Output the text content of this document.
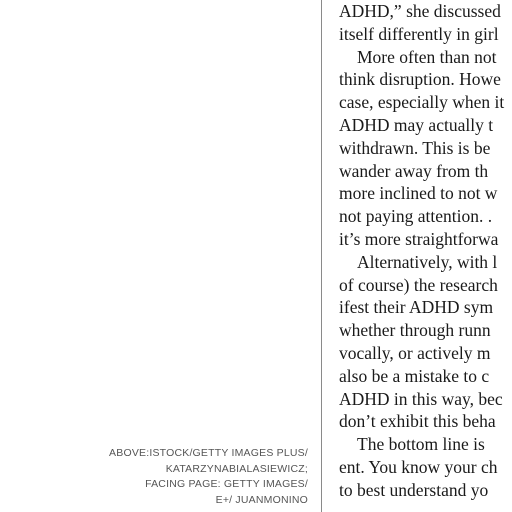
ABOVE:ISTOCK/GETTY IMAGES PLUS/
KATARZYNABIALASIEWICZ;
FACING PAGE: GETTY IMAGES/
E+/ JUANMONINO
ADHD,” she discussed
itself differently in girl
More often than not
think disruption. Howe
case, especially when it
ADHD may actually t
withdrawn. This is be
wander away from th
more inclined to not w
not paying attention. .
it’s more straightforwa
Alternatively, with l
of course) the research
ifest their ADHD sym
whether through runn
vocally, or actively m
also be a mistake to c
ADHD in this way, bec
don’t exhibit this beha
The bottom line is
ent. You know your ch
to best understand yo
